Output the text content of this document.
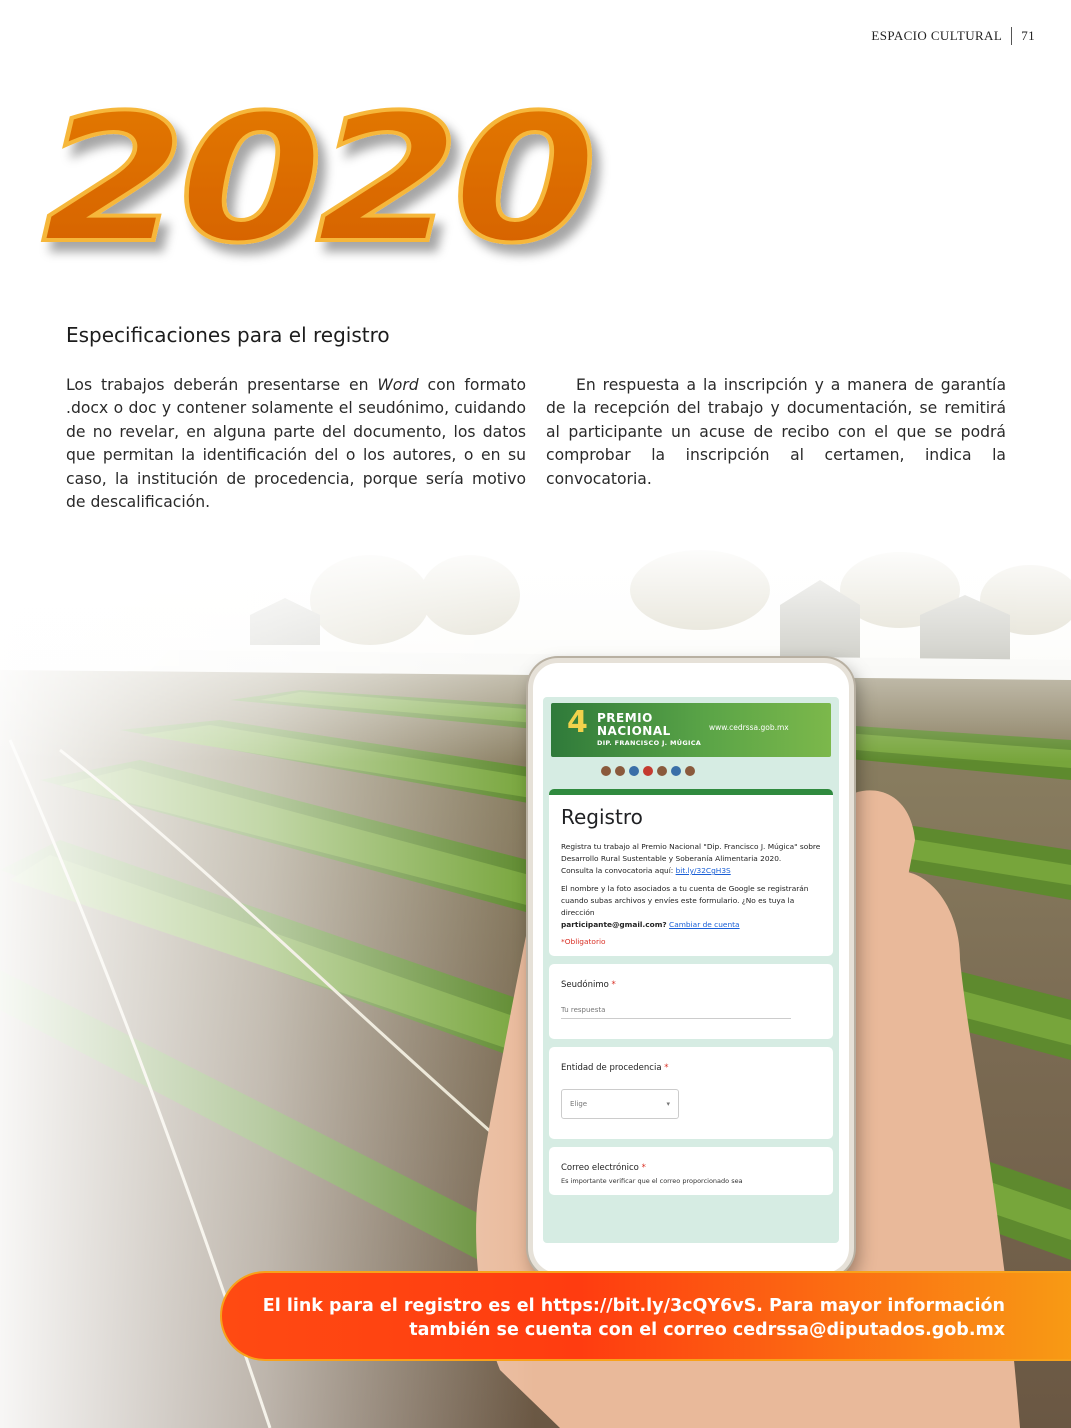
ESPACIO CULTURAL 71
2020
Especificaciones para el registro
Los trabajos deberán presentarse en Word con formato .docx o doc y contener solamente el seudónimo, cuidando de no revelar, en alguna parte del documento, los datos que permitan la identificación del o los autores, o en su caso, la institución de procedencia, porque sería motivo de descalificación.
En respuesta a la inscripción y a manera de garantía de la recepción del trabajo y documentación, se remitirá al participante un acuse de recibo con el que se podrá comprobar la inscripción al certamen, indica la convocatoria.
4 PREMIO
NACIONAL
DIP. FRANCISCO J. MÚGICA
www.cedrssa.gob.mx
Registro

Registra tu trabajo al Premio Nacional "Dip. Francisco J. Múgica" sobre Desarrollo Rural Sustentable y Soberanía Alimentaria 2020.

Consulta la convocatoria aquí: bit.ly/32CgH3S

El nombre y la foto asociados a tu cuenta de Google se registrarán cuando subas archivos y envíes este formulario. ¿No es tuya la dirección
participante@gmail.com? Cambiar de cuenta

*Obligatorio
Seudónimo *
Tu respuesta
Entidad de procedencia *
Elige	▾
Correo electrónico *
Es importante verificar que el correo proporcionado sea
El link para el registro es el https://bit.ly/3cQY6vS. Para mayor información
también se cuenta con el correo cedrssa@diputados.gob.mx
